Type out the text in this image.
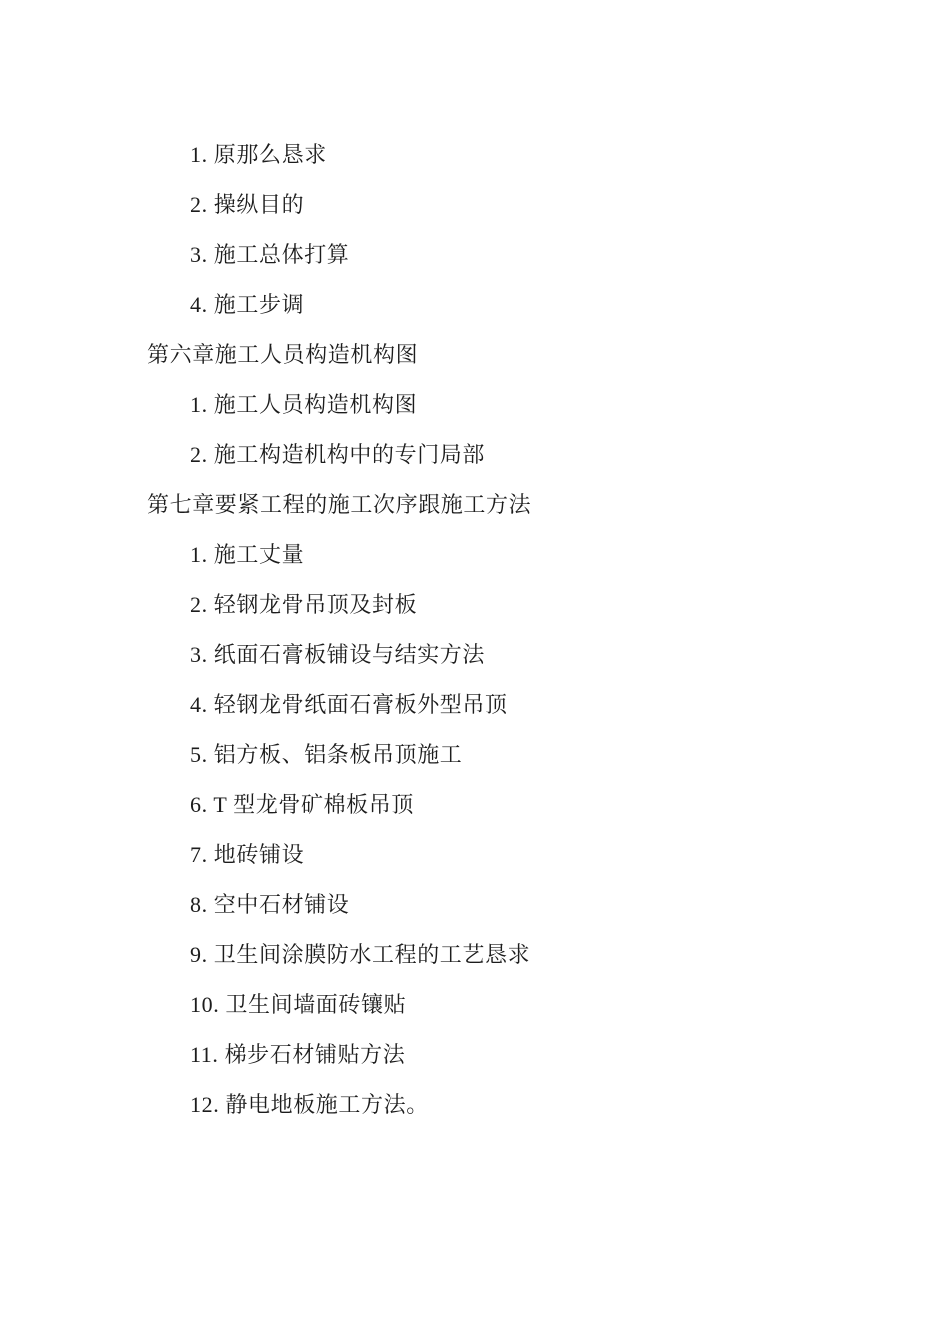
1. 原那么恳求
2. 操纵目的
3. 施工总体打算
4. 施工步调
第六章施工人员构造机构图
1. 施工人员构造机构图
2. 施工构造机构中的专门局部
第七章要紧工程的施工次序跟施工方法
1. 施工丈量
2. 轻钢龙骨吊顶及封板
3. 纸面石膏板铺设与结实方法
4. 轻钢龙骨纸面石膏板外型吊顶
5. 铝方板、铝条板吊顶施工
6. T 型龙骨矿棉板吊顶
7. 地砖铺设
8. 空中石材铺设
9. 卫生间涂膜防水工程的工艺恳求
10. 卫生间墙面砖镶贴
11. 梯步石材铺贴方法
12. 静电地板施工方法。
